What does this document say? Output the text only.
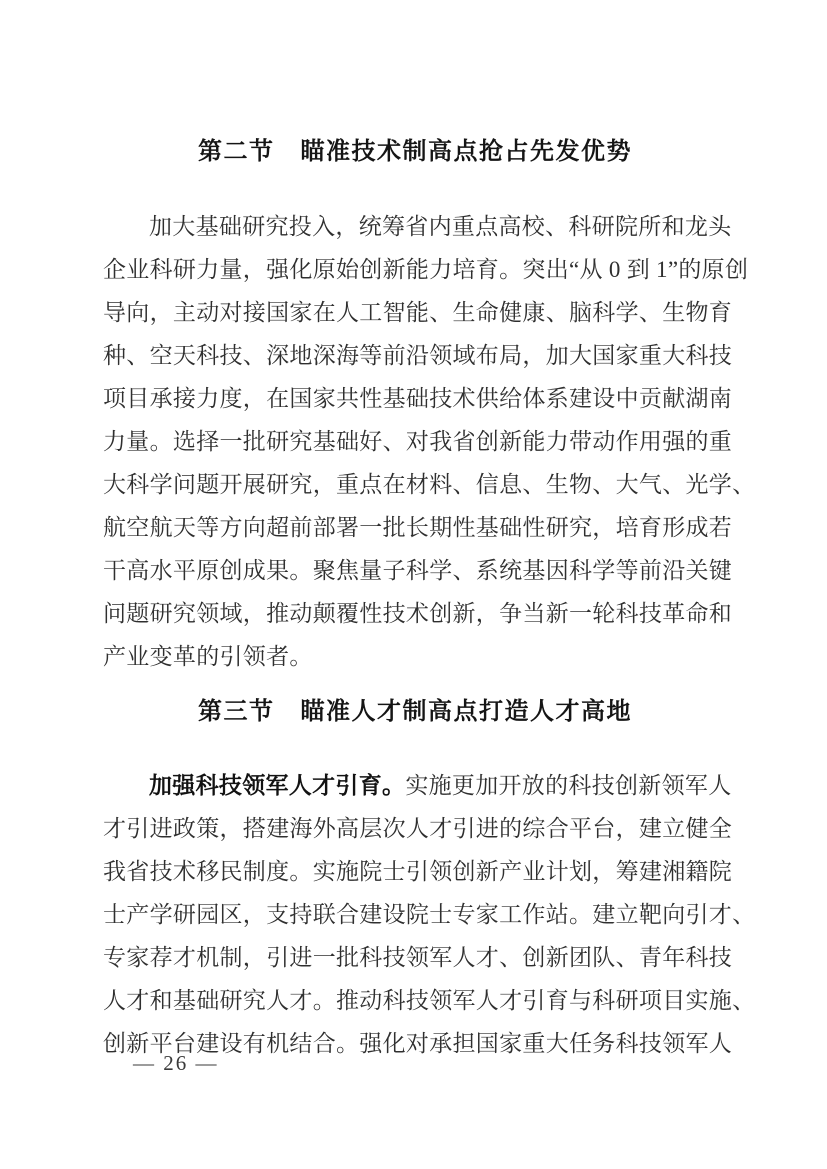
第二节 瞄准技术制高点抢占先发优势
加大基础研究投入，统筹省内重点高校、科研院所和龙头
企业科研力量，强化原始创新能力培育。突出“从 0 到 1”的原创
导向，主动对接国家在人工智能、生命健康、脑科学、生物育
种、空天科技、深地深海等前沿领域布局，加大国家重大科技
项目承接力度，在国家共性基础技术供给体系建设中贡献湖南
力量。选择一批研究基础好、对我省创新能力带动作用强的重
大科学问题开展研究，重点在材料、信息、生物、大气、光学、
航空航天等方向超前部署一批长期性基础性研究，培育形成若
干高水平原创成果。聚焦量子科学、系统基因科学等前沿关键
问题研究领域，推动颠覆性技术创新，争当新一轮科技革命和
产业变革的引领者。
第三节 瞄准人才制高点打造人才高地
加强科技领军人才引育。实施更加开放的科技创新领军人
才引进政策，搭建海外高层次人才引进的综合平台，建立健全
我省技术移民制度。实施院士引领创新产业计划，筹建湘籍院
士产学研园区，支持联合建设院士专家工作站。建立靶向引才、
专家荐才机制，引进一批科技领军人才、创新团队、青年科技
人才和基础研究人才。推动科技领军人才引育与科研项目实施、
创新平台建设有机结合。强化对承担国家重大任务科技领军人
— 26 —
